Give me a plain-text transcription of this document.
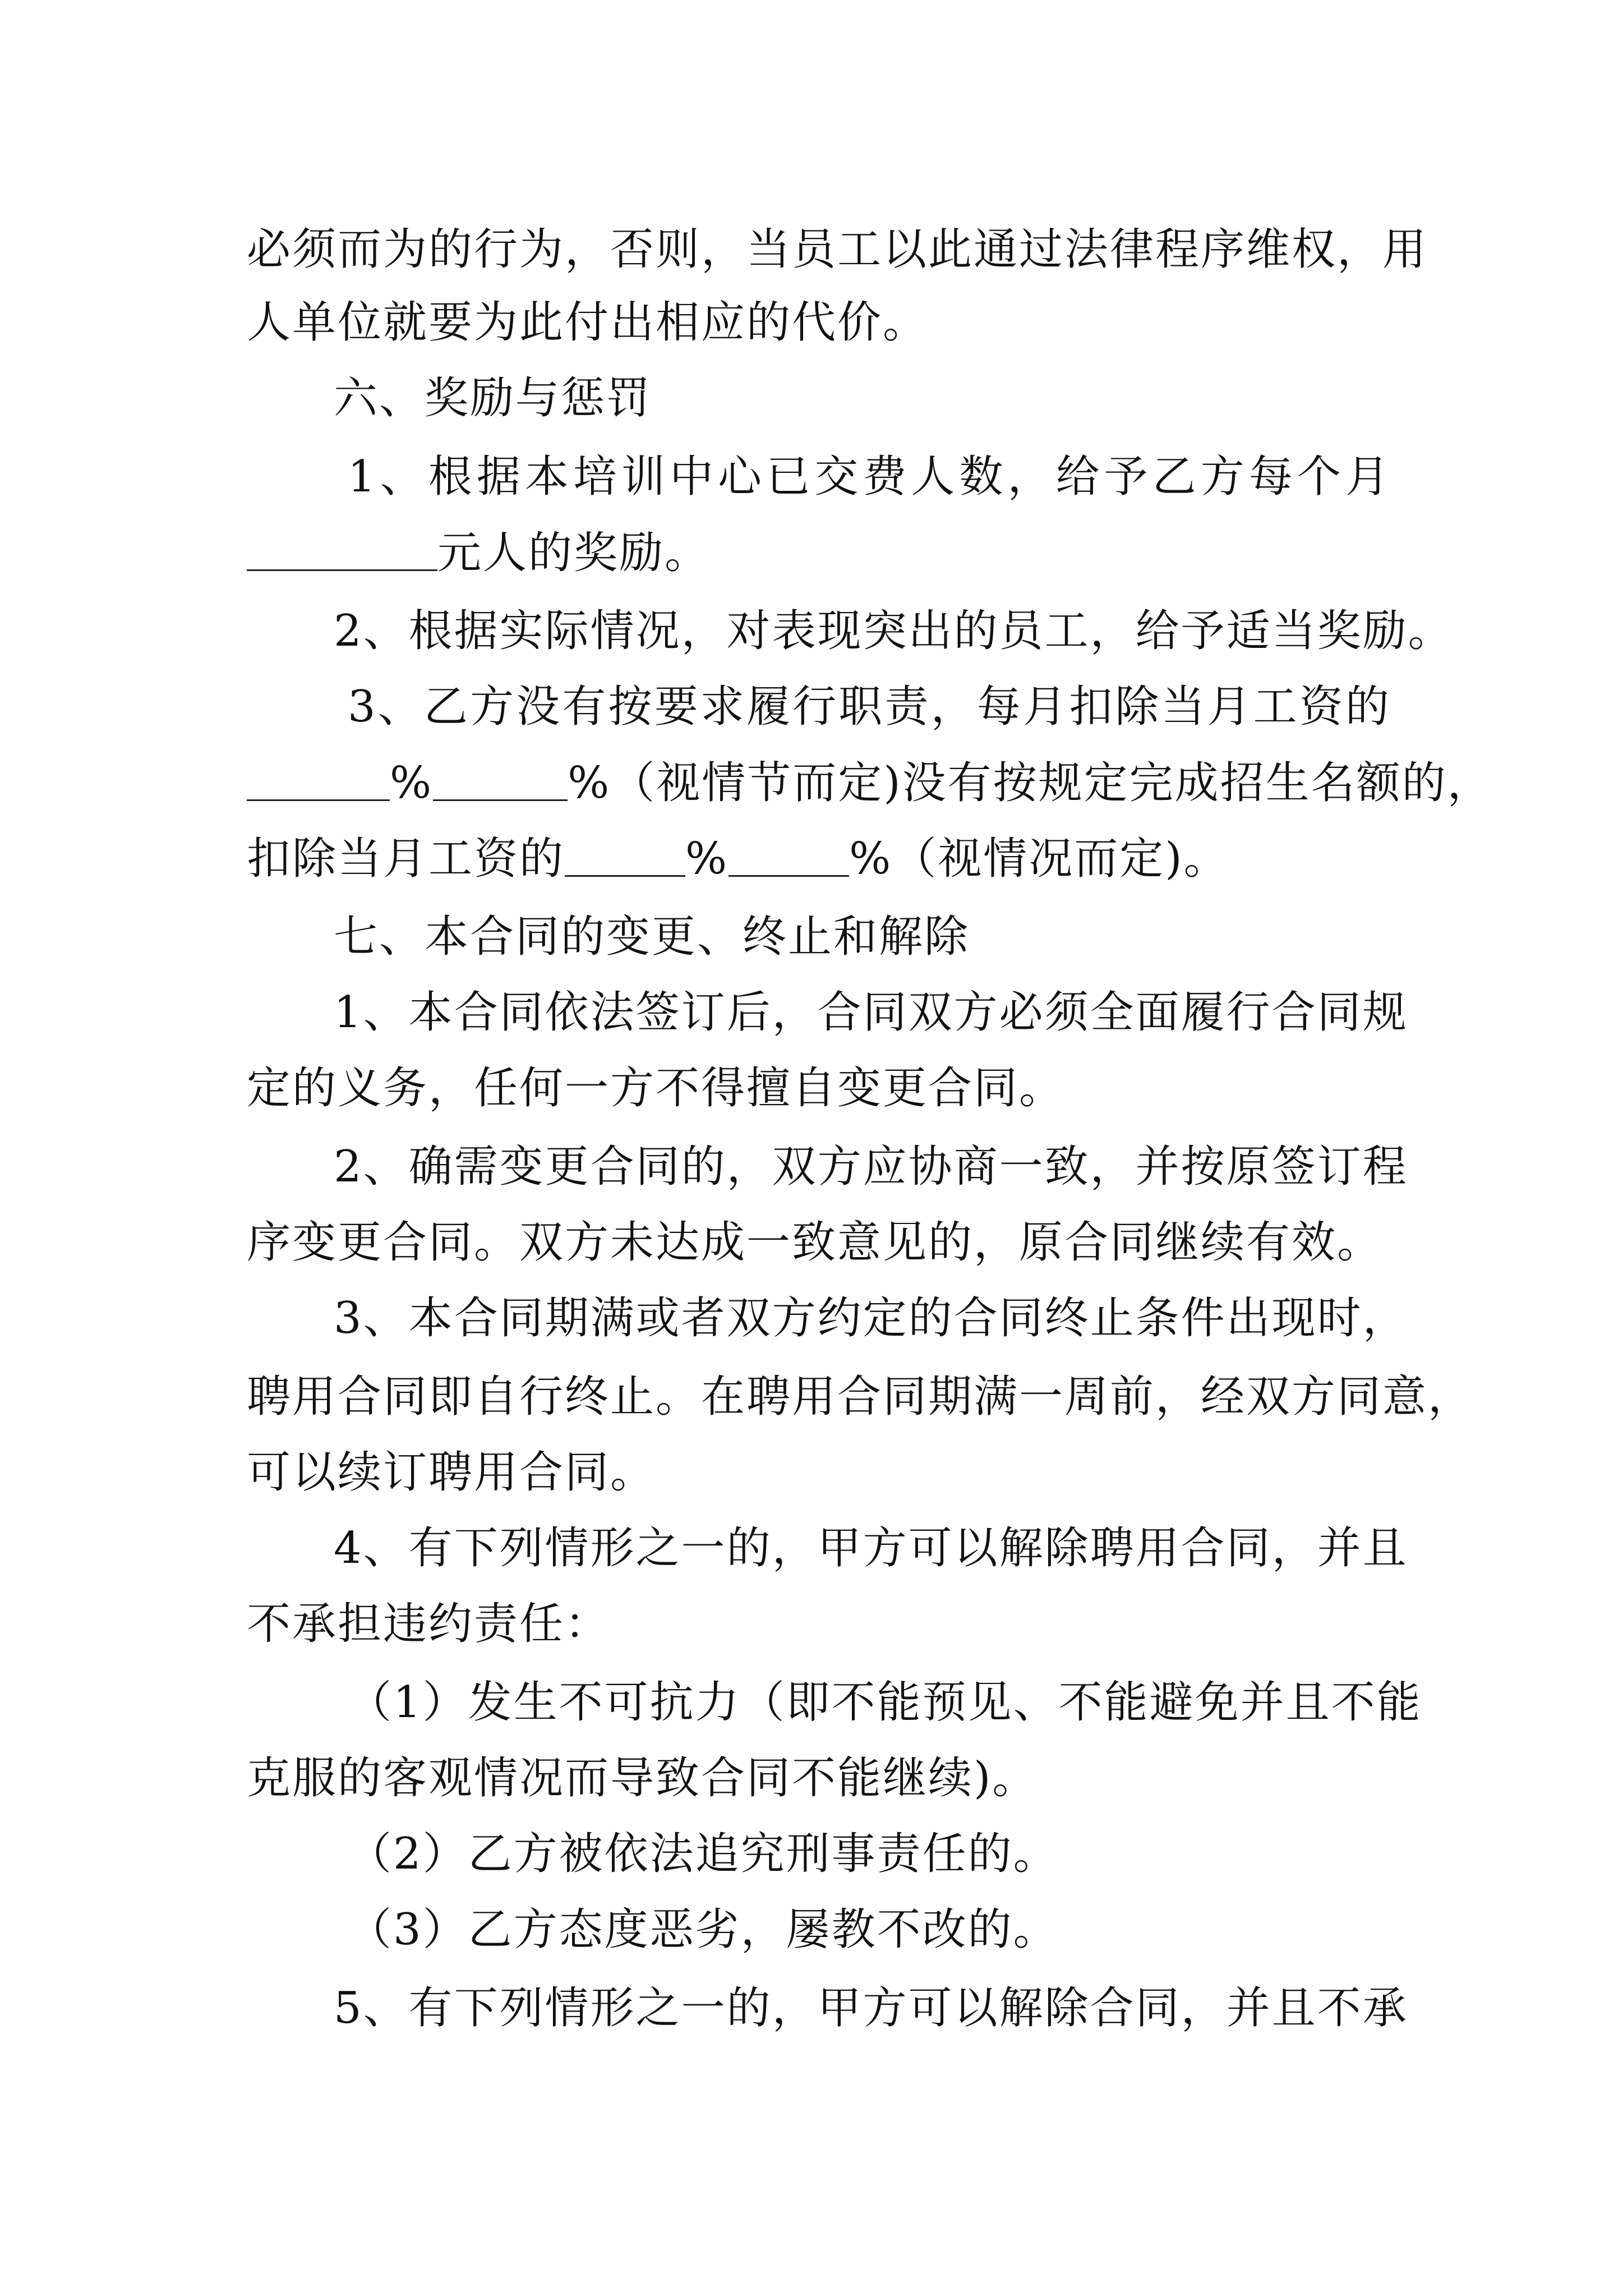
必须而为的行为，否则，当员工以此通过法律程序维权，用
人单位就要为此付出相应的代价。
六、奖励与惩罚
1、根据本培训中心已交费人数，给予乙方每个月
元人的奖励。
2、根据实际情况，对表现突出的员工，给予适当奖励。
3、乙方没有按要求履行职责，每月扣除当月工资的
%	%（视情节而定)没有按规定完成招生名额的，
扣除当月工资的	%	%（视情况而定)。
七、本合同的变更、终止和解除
1、本合同依法签订后，合同双方必须全面履行合同规
定的义务，任何一方不得擅自变更合同。
2、确需变更合同的，双方应协商一致，并按原签订程
序变更合同。双方未达成一致意见的，原合同继续有效。
3、本合同期满或者双方约定的合同终止条件出现时，
聘用合同即自行终止。在聘用合同期满一周前，经双方同意，
可以续订聘用合同。
4、有下列情形之一的，甲方可以解除聘用合同，并且
不承担违约责任：
（1）发生不可抗力（即不能预见、不能避免并且不能
克服的客观情况而导致合同不能继续)。
（2）乙方被依法追究刑事责任的。
（3）乙方态度恶劣，屡教不改的。
5、有下列情形之一的，甲方可以解除合同，并且不承
